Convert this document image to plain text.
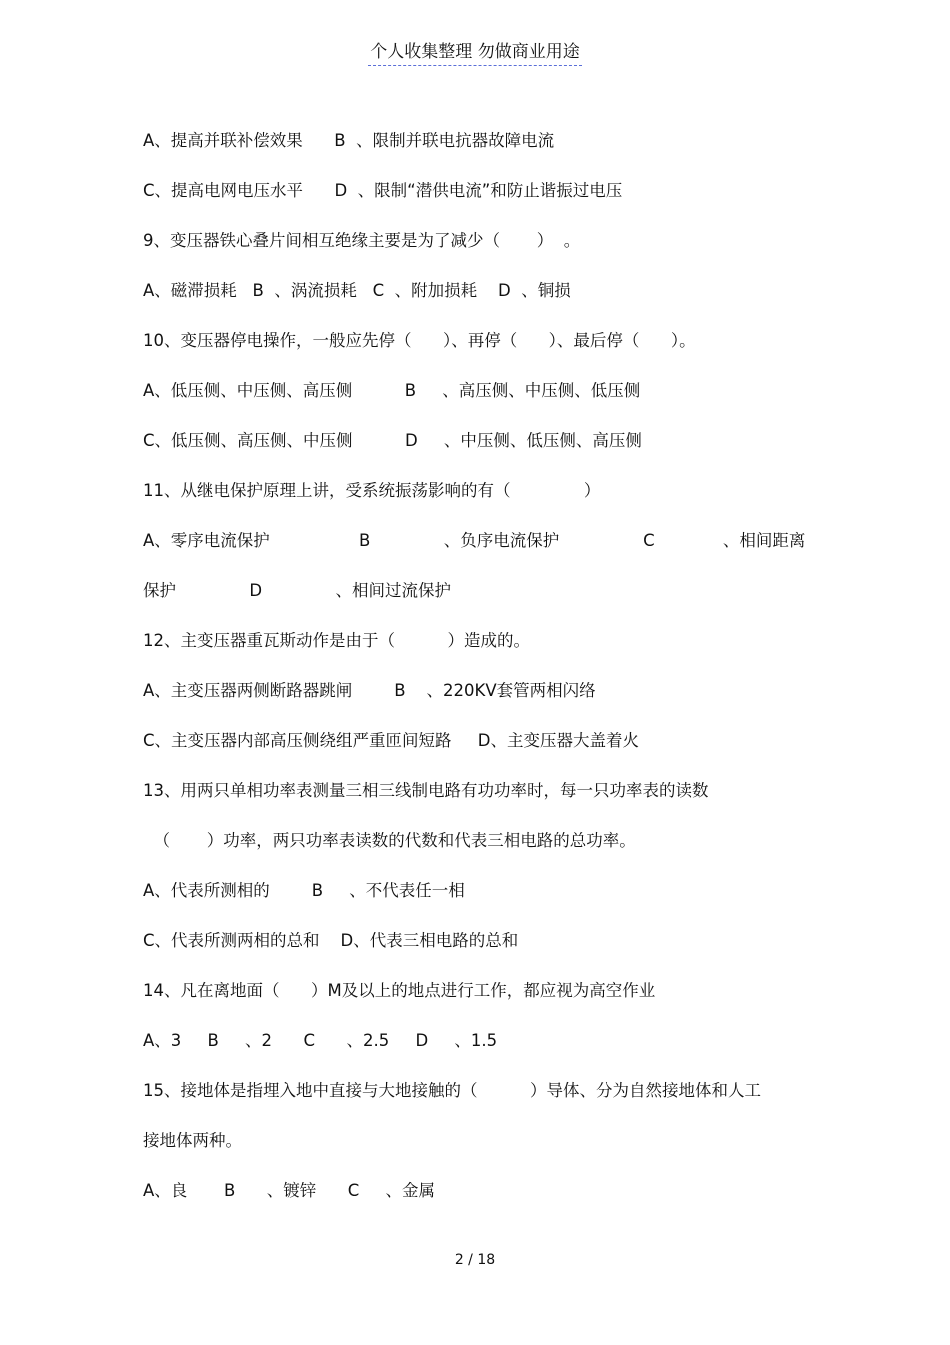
个人收集整理 勿做商业用途
A、提高并联补偿效果      B  、限制并联电抗器故障电流
C、提高电网电压水平      D  、限制“潜供电流”和防止谐振过电压
9、变压器铁心叠片间相互绝缘主要是为了减少（       ）  。
A、磁滞损耗   B  、涡流损耗   C  、附加损耗    D  、铜损
10、变压器停电操作，一般应先停（      ）、再停（      ）、最后停（      ）。
A、低压侧、中压侧、高压侧          B     、高压侧、中压侧、低压侧
C、低压侧、高压侧、中压侧          D     、中压侧、低压侧、高压侧
11、从继电保护原理上讲，受系统振荡影响的有（              ）
A、零序电流保护                 B              、负序电流保护                C             、相间距离
保护              D              、相间过流保护
12、主变压器重瓦斯动作是由于（          ）造成的。
A、主变压器两侧断路器跳闸        B    、220KV套管两相闪络
C、主变压器内部高压侧绕组严重匝间短路     D、主变压器大盖着火
13、用两只单相功率表测量三相三线制电路有功功率时，每一只功率表的读数
（       ）功率，两只功率表读数的代数和代表三相电路的总功率。
A、代表所测相的        B     、不代表任一相
C、代表所测两相的总和    D、代表三相电路的总和
14、凡在离地面（      ）M及以上的地点进行工作，都应视为高空作业
A、3     B     、2      C      、2.5     D     、1.5
15、接地体是指埋入地中直接与大地接触的（          ）导体、分为自然接地体和人工
接地体两种。
A、良       B      、镀锌      C     、金属
2 / 18
